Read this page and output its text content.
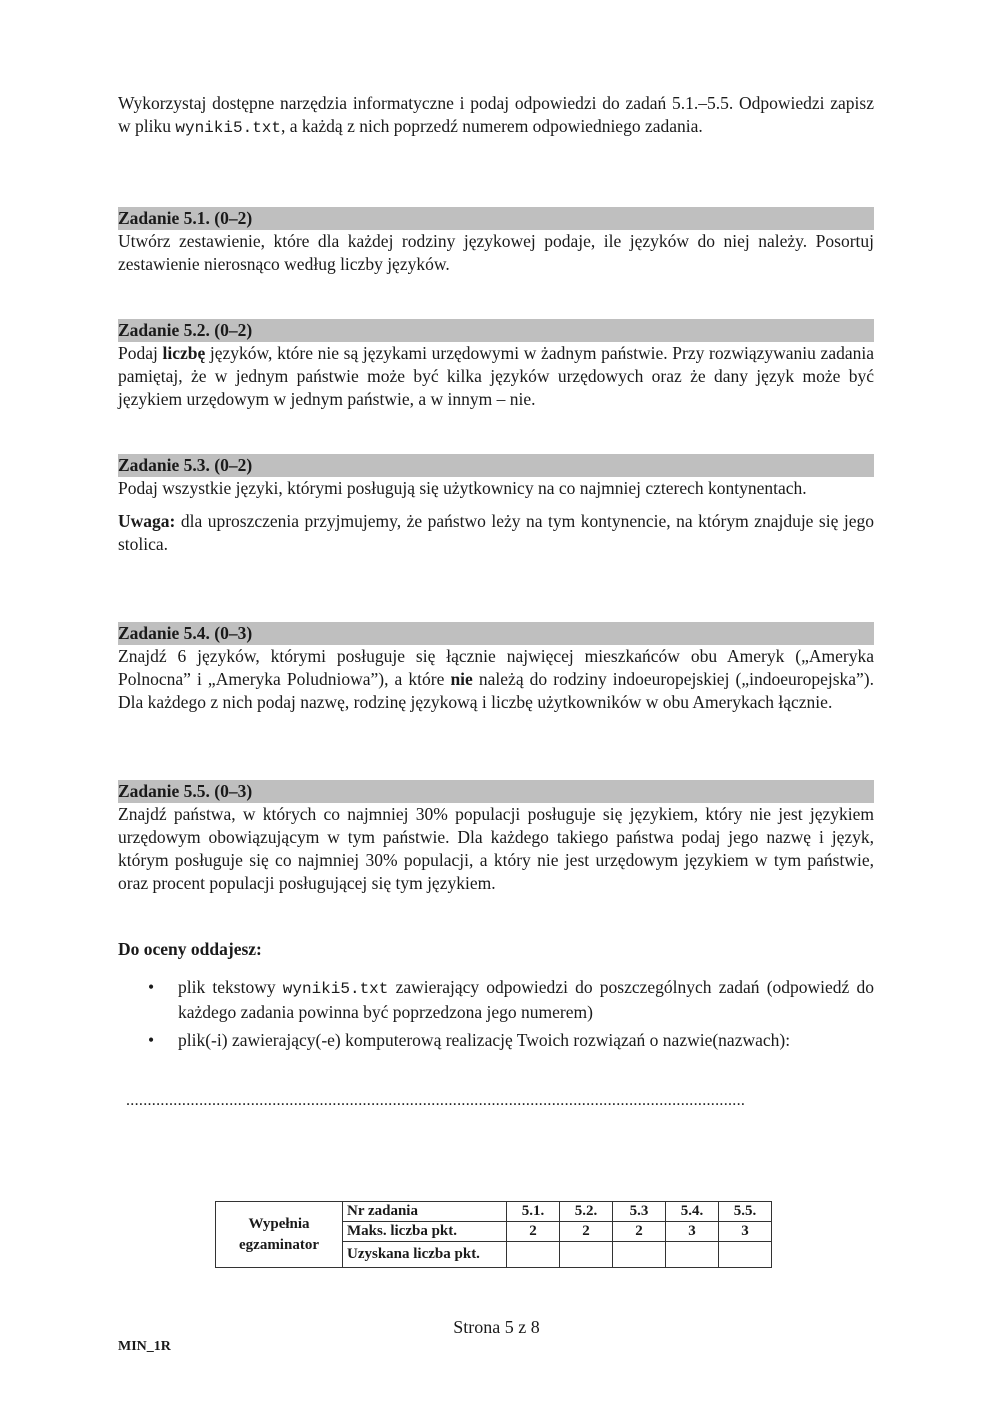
Wykorzystaj dostępne narzędzia informatyczne i podaj odpowiedzi do zadań 5.1.–5.5. Odpowiedzi zapisz w pliku wyniki5.txt, a każdą z nich poprzedź numerem odpowiedniego zadania.

Zadanie 5.1. (0–2)

Utwórz zestawienie, które dla każdej rodziny językowej podaje, ile języków do niej należy. Posortuj zestawienie nierosnąco według liczby języków.

Zadanie 5.2. (0–2)

Podaj liczbę języków, które nie są językami urzędowymi w żadnym państwie. Przy rozwiązywaniu zadania pamiętaj, że w jednym państwie może być kilka języków urzędowych oraz że dany język może być językiem urzędowym w jednym państwie, a w innym – nie.

Zadanie 5.3. (0–2)

Podaj wszystkie języki, którymi posługują się użytkownicy na co najmniej czterech kontynentach.

Uwaga: dla uproszczenia przyjmujemy, że państwo leży na tym kontynencie, na którym znajduje się jego stolica.

Zadanie 5.4. (0–3)

Znajdź 6 języków, którymi posługuje się łącznie najwięcej mieszkańców obu Ameryk („Ameryka Polnocna” i „Ameryka Poludniowa”), a które nie należą do rodziny indoeuropejskiej („indoeuropejska”). Dla każdego z nich podaj nazwę, rodzinę językową i liczbę użytkowników w obu Amerykach łącznie.

Zadanie 5.5. (0–3)

Znajdź państwa, w których co najmniej 30% populacji posługuje się językiem, który nie jest językiem urzędowym obowiązującym w tym państwie. Dla każdego takiego państwa podaj jego nazwę i język, którym posługuje się co najmniej 30% populacji, a który nie jest urzędowym językiem w tym państwie, oraz procent populacji posługującej się tym językiem.

Do oceny oddajesz:
• plik tekstowy wyniki5.txt zawierający odpowiedzi do poszczególnych zadań (odpowiedź do każdego zadania powinna być poprzedzona jego numerem)
• plik(-i) zawierający(-e) komputerową realizację Twoich rozwiązań o nazwie(nazwach):
................................................................................................................................................
Wypełnia
egzaminator	Nr zadania	5.1.	5.2.	5.3	5.4.	5.5.
	Maks. liczba pkt.	2	2	2	3	3
	Uzyskana liczba pkt.					
Strona 5 z 8
MIN_1R
